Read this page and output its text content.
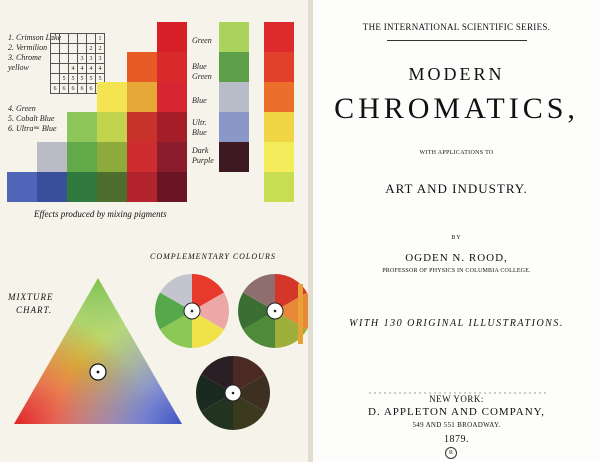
1. Crimson Lake
2. Vermilion
3. Chrome
yellow
4. Green
5. Cobalt Blue
6. Ultraᵐᵃ Blue
					1
				2	2
			3	3	3
		4	4	4	4
	5	5	5	5	5
6	6	6	6	6	
Green
Blue Green
Blue
Ultr. Blue
Dark Purple
Effects produced by mixing pigments
COMPLEMENTARY COLOURS
MIXTURE
CHART.
THE INTERNATIONAL SCIENTIFIC SERIES.
MODERN
CHROMATICS,
WITH APPLICATIONS TO
ART AND INDUSTRY.
BY
OGDEN N. ROOD,
PROFESSOR OF PHYSICS IN COLUMBIA COLLEGE.
WITH 130 ORIGINAL ILLUSTRATIONS.
NEW YORK:
D. APPLETON AND COMPANY,
549 AND 551 BROADWAY.
1879.
R
